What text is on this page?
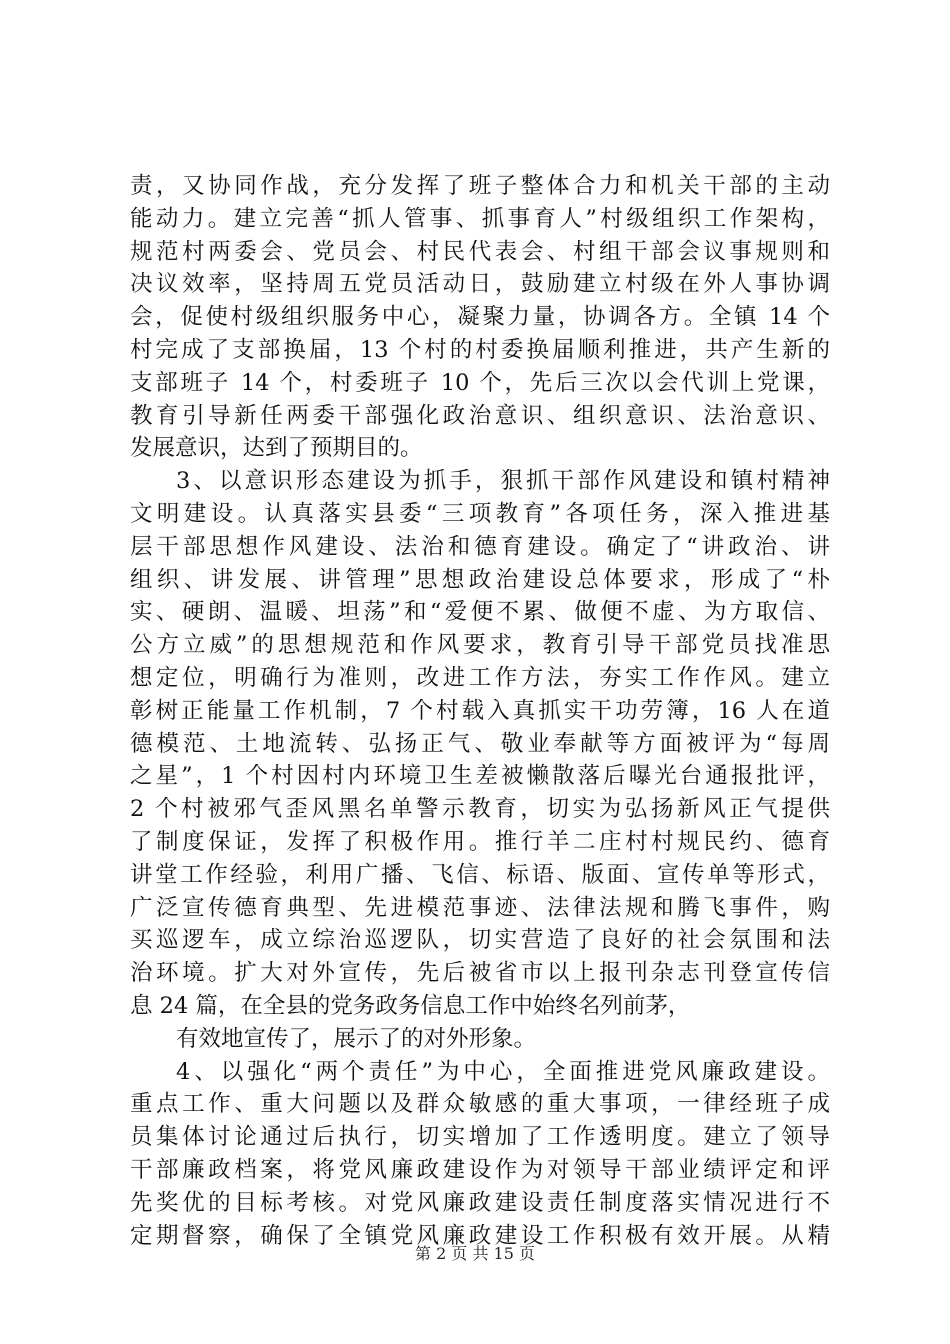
责，又协同作战，充分发挥了班子整体合力和机关干部的主动
能动力。建立完善“抓人管事、抓事育人”村级组织工作架构，
规范村两委会、党员会、村民代表会、村组干部会议事规则和
决议效率，坚持周五党员活动日，鼓励建立村级在外人事协调
会，促使村级组织服务中心，凝聚力量，协调各方。全镇 14 个
村完成了支部换届，13 个村的村委换届顺利推进，共产生新的
支部班子 14 个，村委班子 10 个，先后三次以会代训上党课，
教育引导新任两委干部强化政治意识、组织意识、法治意识、
发展意识，达到了预期目的。
3、以意识形态建设为抓手，狠抓干部作风建设和镇村精神
文明建设。认真落实县委“三项教育”各项任务，深入推进基
层干部思想作风建设、法治和德育建设。确定了“讲政治、讲
组织、讲发展、讲管理”思想政治建设总体要求，形成了“朴
实、硬朗、温暖、坦荡”和“爱便不累、做便不虚、为方取信、
公方立威”的思想规范和作风要求，教育引导干部党员找准思
想定位，明确行为准则，改进工作方法，夯实工作作风。建立
彰树正能量工作机制，7 个村载入真抓实干功劳簿，16 人在道
德模范、土地流转、弘扬正气、敬业奉献等方面被评为“每周
之星”，1 个村因村内环境卫生差被懒散落后曝光台通报批评，
2 个村被邪气歪风黑名单警示教育，切实为弘扬新风正气提供
了制度保证，发挥了积极作用。推行羊二庄村村规民约、德育
讲堂工作经验，利用广播、飞信、标语、版面、宣传单等形式，
广泛宣传德育典型、先进模范事迹、法律法规和腾飞事件，购
买巡逻车，成立综治巡逻队，切实营造了良好的社会氛围和法
治环境。扩大对外宣传，先后被省市以上报刊杂志刊登宣传信
息 24 篇，在全县的党务政务信息工作中始终名列前茅，
有效地宣传了，展示了的对外形象。
4、以强化“两个责任”为中心，全面推进党风廉政建设。
重点工作、重大问题以及群众敏感的重大事项，一律经班子成
员集体讨论通过后执行，切实增加了工作透明度。建立了领导
干部廉政档案，将党风廉政建设作为对领导干部业绩评定和评
先奖优的目标考核。对党风廉政建设责任制度落实情况进行不
定期督察，确保了全镇党风廉政建设工作积极有效开展。从精
第 2 页 共 15 页
